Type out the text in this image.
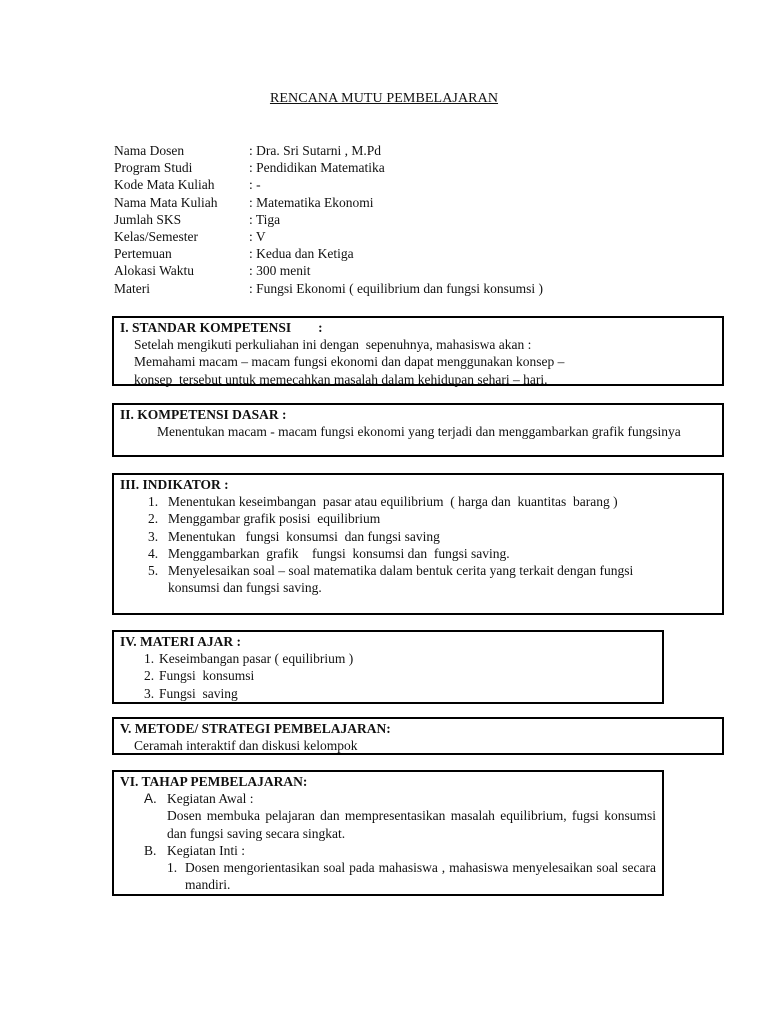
RENCANA MUTU PEMBELAJARAN
Nama Dosen	: Dra. Sri Sutarni , M.Pd
Program Studi	: Pendidikan Matematika
Kode Mata Kuliah	: -
Nama Mata Kuliah : Matematika Ekonomi
Jumlah SKS	: Tiga
Kelas/Semester	: V
Pertemuan	: Kedua dan Ketiga
Alokasi Waktu	: 300 menit
Materi	: Fungsi Ekonomi ( equilibrium dan fungsi konsumsi )
I. STANDAR KOMPETENSI        :
Setelah mengikuti perkuliahan ini dengan  sepenuhnya, mahasiswa akan :
Memahami macam – macam fungsi ekonomi dan dapat menggunakan konsep –
konsep  tersebut untuk memecahkan masalah dalam kehidupan sehari – hari.
II. KOMPETENSI DASAR :
Menentukan macam - macam fungsi ekonomi yang terjadi dan menggambarkan grafik fungsinya
III. INDIKATOR :
1. Menentukan keseimbangan  pasar atau equilibrium  ( harga dan  kuantitas  barang )
2. Menggambar grafik posisi  equilibrium
3. Menentukan   fungsi  konsumsi  dan fungsi saving
4. Menggambarkan  grafik    fungsi  konsumsi dan  fungsi saving.
5. Menyelesaikan soal – soal matematika dalam bentuk cerita yang terkait dengan fungsi konsumsi dan fungsi saving.
IV. MATERI AJAR :
1. Keseimbangan pasar ( equilibrium )
2. Fungsi  konsumsi
3. Fungsi  saving
V. METODE/ STRATEGI PEMBELAJARAN:
Ceramah interaktif dan diskusi kelompok
VI. TAHAP PEMBELAJARAN:
A. Kegiatan Awal :
Dosen membuka pelajaran dan mempresentasikan masalah equilibrium, fugsi konsumsi dan fungsi saving secara singkat.
B. Kegiatan Inti :
1. Dosen mengorientasikan soal pada mahasiswa , mahasiswa menyelesaikan soal secara mandiri.
